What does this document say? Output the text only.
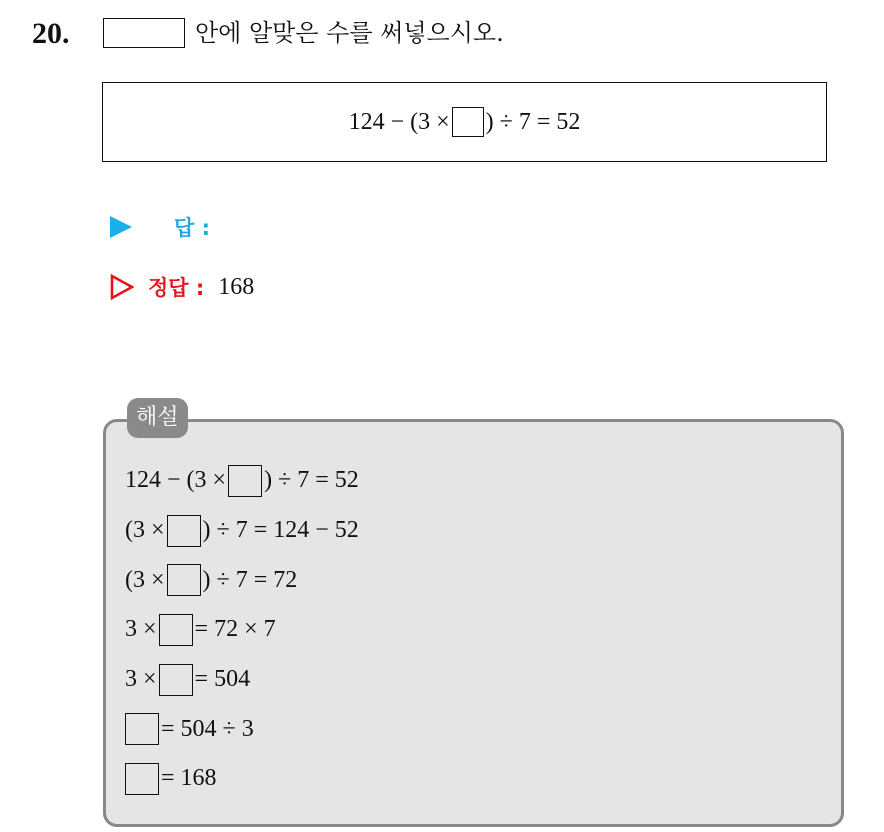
20.	안에 알맞은 수를 써넣으시오.
124 − (3 × ) ÷ 7 = 52
답 :
정답 : 168
해설
124 − (3 × ) ÷ 7 = 52
(3 × ) ÷ 7 = 124 − 52
(3 × ) ÷ 7 = 72
3 × = 72 × 7
3 × = 504
= 504 ÷ 3
= 168
